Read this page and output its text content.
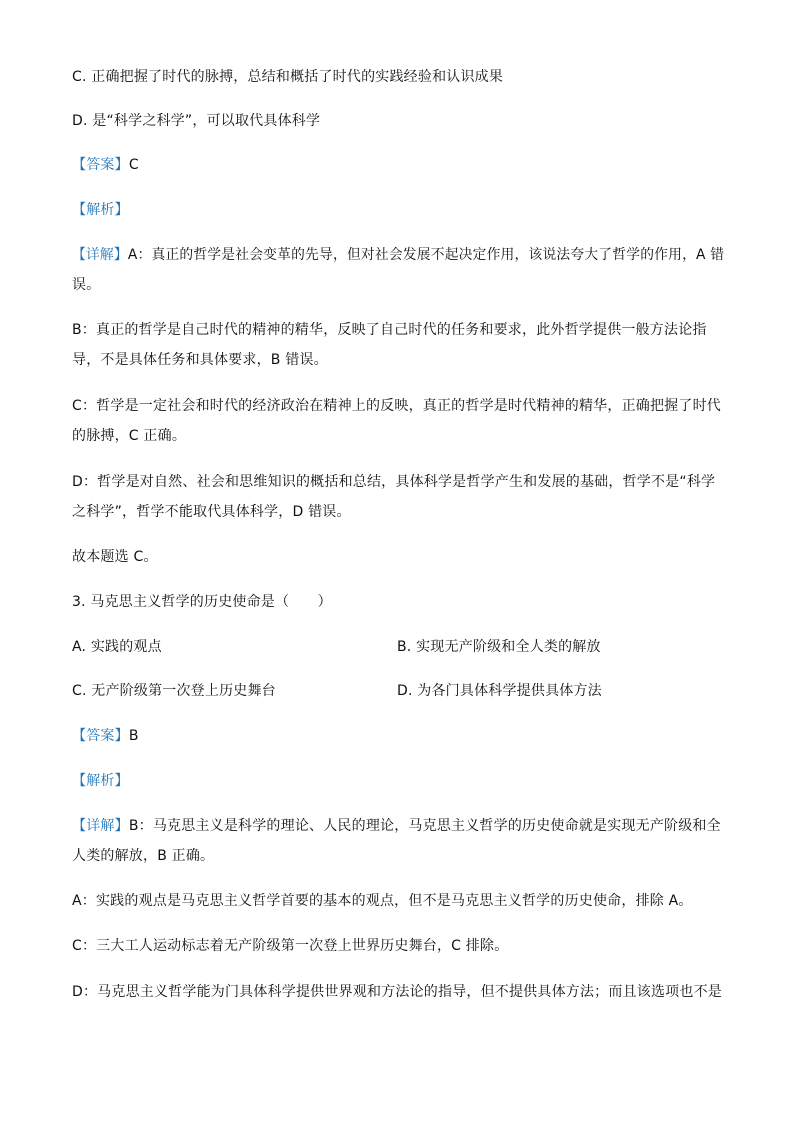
C. 正确把握了时代的脉搏，总结和概括了时代的实践经验和认识成果
D. 是“科学之科学”，可以取代具体科学
【答案】C
【解析】
【详解】A：真正的哲学是社会变革的先导，但对社会发展不起决定作用，该说法夸大了哲学的作用，A 错
误。
B：真正的哲学是自己时代的精神的精华，反映了自己时代的任务和要求，此外哲学提供一般方法论指
导，不是具体任务和具体要求，B 错误。
C：哲学是一定社会和时代的经济政治在精神上的反映，真正的哲学是时代精神的精华，正确把握了时代
的脉搏，C 正确。
D：哲学是对自然、社会和思维知识的概括和总结，具体科学是哲学产生和发展的基础，哲学不是“科学
之科学”，哲学不能取代具体科学，D 错误。
故本题选 C。
3. 马克思主义哲学的历史使命是（　　）
A. 实践的观点	B. 实现无产阶级和全人类的解放
C. 无产阶级第一次登上历史舞台	D. 为各门具体科学提供具体方法
【答案】B
【解析】
【详解】B：马克思主义是科学的理论、人民的理论，马克思主义哲学的历史使命就是实现无产阶级和全
人类的解放，B 正确。
A：实践的观点是马克思主义哲学首要的基本的观点，但不是马克思主义哲学的历史使命，排除 A。
C：三大工人运动标志着无产阶级第一次登上世界历史舞台，C 排除。
D：马克思主义哲学能为门具体科学提供世界观和方法论的指导，但不提供具体方法；而且该选项也不是
